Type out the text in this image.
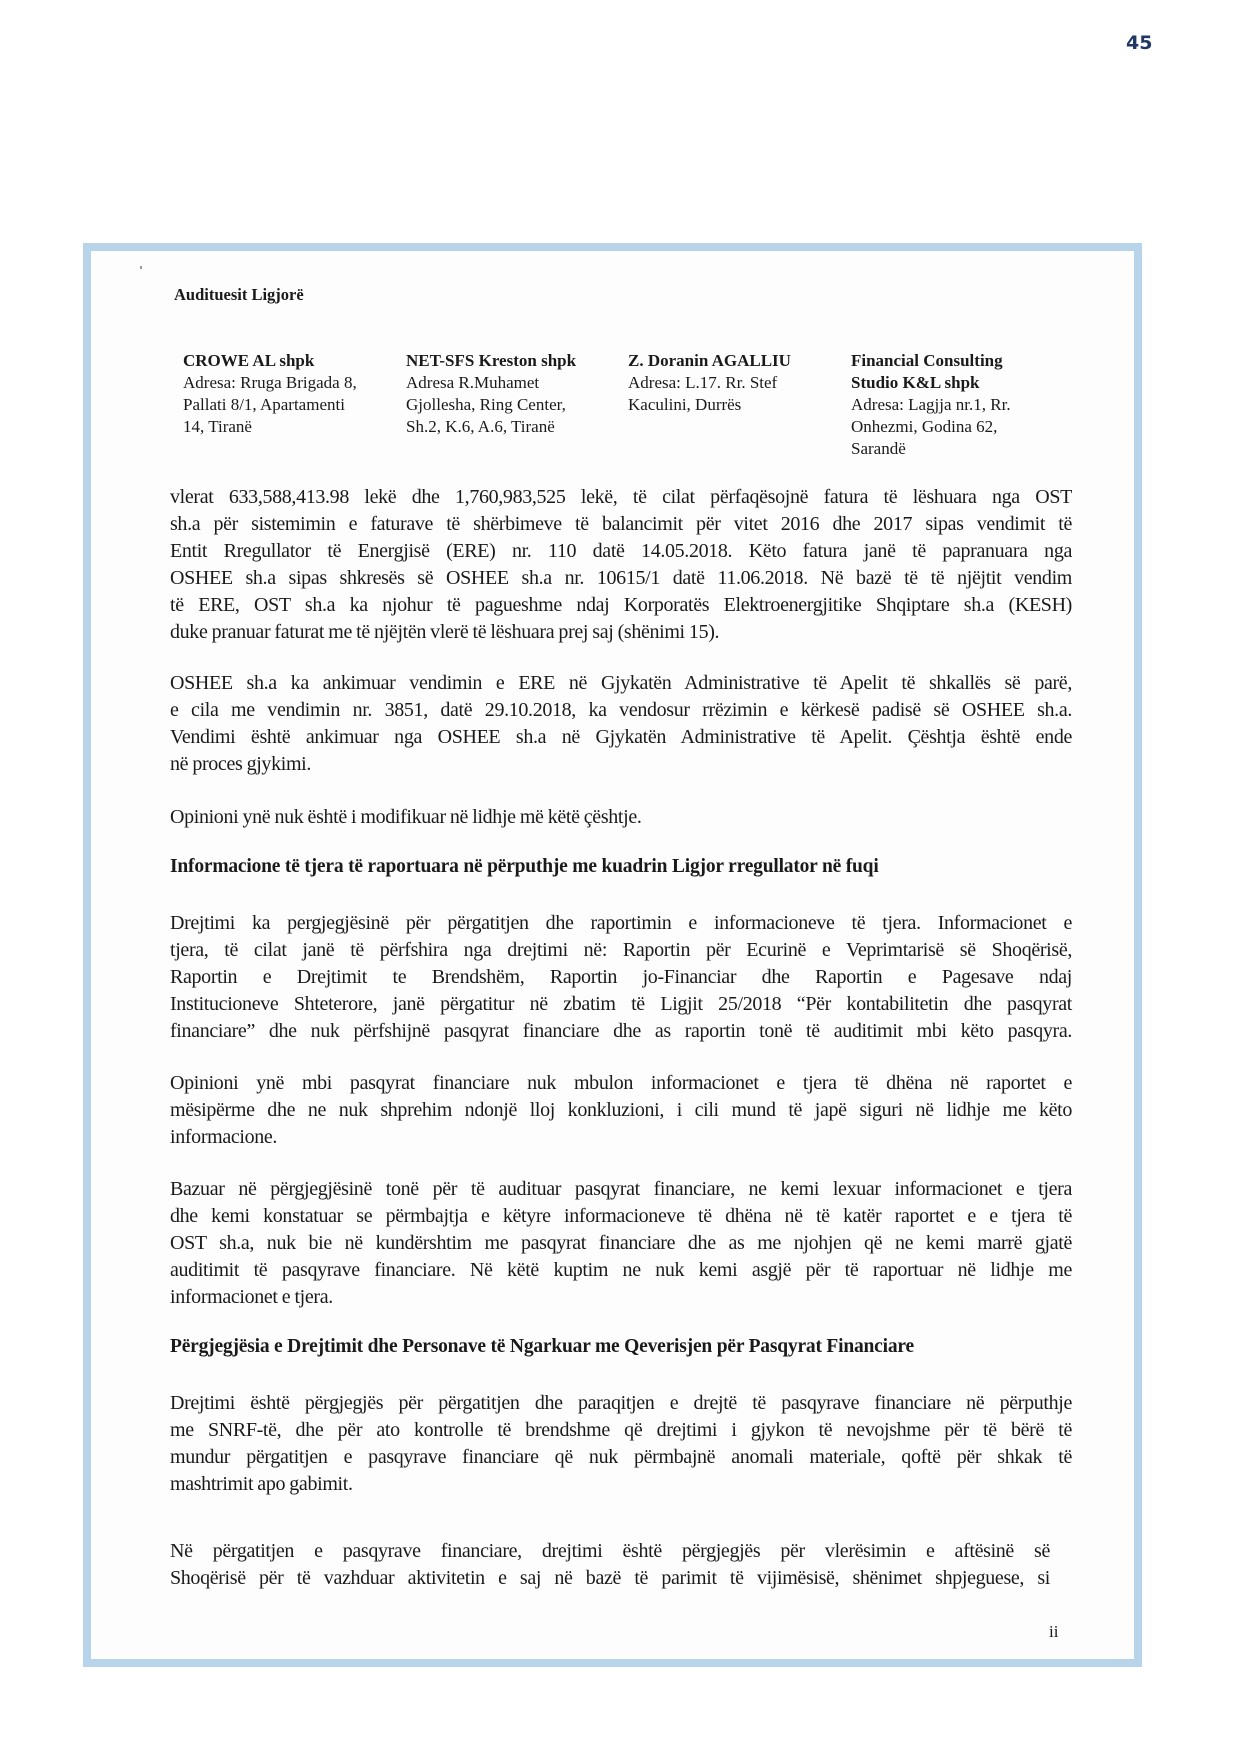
45
Audituesit Ligjorë
CROWE AL shpk
Adresa: Rruga Brigada 8,
Pallati 8/1, Apartamenti
14, Tiranë
NET-SFS Kreston shpk
Adresa R.Muhamet
Gjollesha, Ring Center,
Sh.2, K.6, A.6, Tiranë
Z. Doranin AGALLIU
Adresa: L.17. Rr. Stef
Kaculini, Durrës
Financial Consulting
Studio K&L shpk
Adresa: Lagjja nr.1, Rr.
Onhezmi, Godina 62,
Sarandë
vlerat 633,588,413.98 lekë dhe 1,760,983,525 lekë, të cilat përfaqësojnë fatura të lëshuara nga OST
sh.a për sistemimin e faturave të shërbimeve të balancimit për vitet 2016 dhe 2017 sipas vendimit të
Entit Rregullator të Energjisë (ERE) nr. 110 datë 14.05.2018. Këto fatura janë të papranuara nga
OSHEE sh.a sipas shkresës së OSHEE sh.a nr. 10615/1 datë 11.06.2018. Në bazë të të njëjtit vendim
të ERE, OST sh.a ka njohur të pagueshme ndaj Korporatës Elektroenergjitike Shqiptare sh.a (KESH)
duke pranuar faturat me të njëjtën vlerë të lëshuara prej saj (shënimi 15).
OSHEE sh.a ka ankimuar vendimin e ERE në Gjykatën Administrative të Apelit të shkallës së parë,
e cila me vendimin nr. 3851, datë 29.10.2018, ka vendosur rrëzimin e kërkesë padisë së OSHEE sh.a.
Vendimi është ankimuar nga OSHEE sh.a në Gjykatën Administrative të Apelit. Çështja është ende
në proces gjykimi.
Opinioni ynë nuk është i modifikuar në lidhje më këtë çështje.
Informacione të tjera të raportuara në përputhje me kuadrin Ligjor rregullator në fuqi
Drejtimi ka pergjegjësinë për përgatitjen dhe raportimin e informacioneve të tjera. Informacionet e
tjera, të cilat janë të përfshira nga drejtimi në: Raportin për Ecurinë e Veprimtarisë së Shoqërisë,
Raportin e Drejtimit te Brendshëm, Raportin jo-Financiar dhe Raportin e Pagesave ndaj
Institucioneve Shteterore, janë përgatitur në zbatim të Ligjit 25/2018 “Për kontabilitetin dhe pasqyrat
financiare” dhe nuk përfshijnë pasqyrat financiare dhe as raportin tonë të auditimit mbi këto pasqyra.
Opinioni ynë mbi pasqyrat financiare nuk mbulon informacionet e tjera të dhëna në raportet e
mësipërme dhe ne nuk shprehim ndonjë lloj konkluzioni, i cili mund të japë siguri në lidhje me këto
informacione.
Bazuar në përgjegjësinë tonë për të audituar pasqyrat financiare, ne kemi lexuar informacionet e tjera
dhe kemi konstatuar se përmbajtja e këtyre informacioneve të dhëna në të katër raportet e e tjera të
OST sh.a, nuk bie në kundërshtim me pasqyrat financiare dhe as me njohjen që ne kemi marrë gjatë
auditimit të pasqyrave financiare. Në këtë kuptim ne nuk kemi asgjë për të raportuar në lidhje me
informacionet e tjera.
Përgjegjësia e Drejtimit dhe Personave të Ngarkuar me Qeverisjen për Pasqyrat Financiare
Drejtimi është përgjegjës për përgatitjen dhe paraqitjen e drejtë të pasqyrave financiare në përputhje
me SNRF-të, dhe për ato kontrolle të brendshme që drejtimi i gjykon të nevojshme për të bërë të
mundur përgatitjen e pasqyrave financiare që nuk përmbajnë anomali materiale, qoftë për shkak të
mashtrimit apo gabimit.
Në përgatitjen e pasqyrave financiare, drejtimi është përgjegjës për vlerësimin e aftësinë së
Shoqërisë për të vazhduar aktivitetin e saj në bazë të parimit të vijimësisë, shënimet shpjeguese, si
ii
